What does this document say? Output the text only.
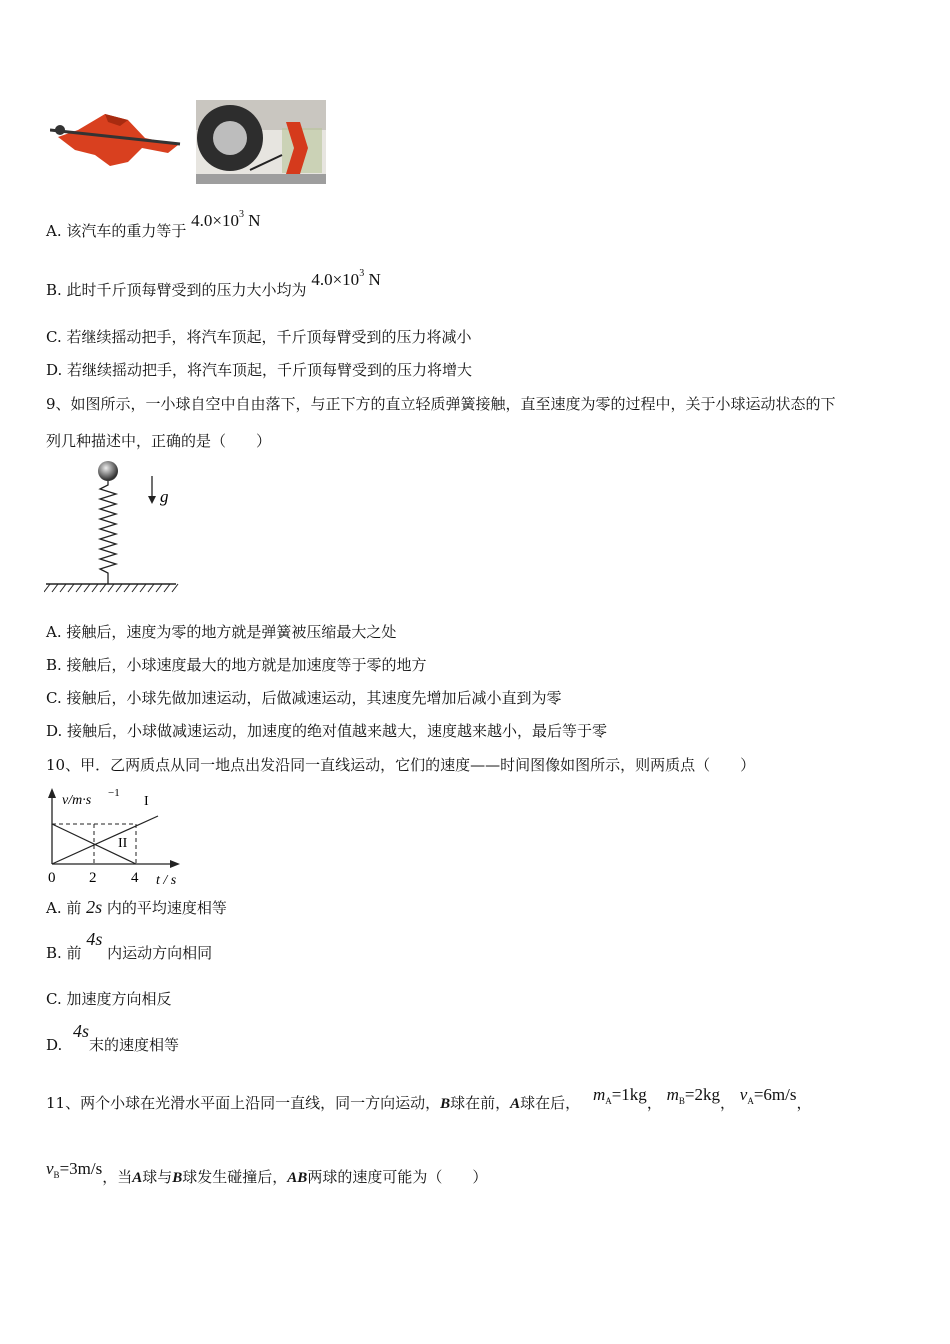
A. 该汽车的重力等于 $4.0\times 10^3$ N
B. 此时千斤顶每臂受到的压力大小均为 $4.0\times 10^3$ N
C. 若继续摇动把手，将汽车顶起，千斤顶每臂受到的压力将减小
D. 若继续摇动把手，将汽车顶起，千斤顶每臂受到的压力将增大
9、如图所示，一小球自空中自由落下，与正下方的直立轻质弹簧接触，直至速度为零的过程中，关于小球运动状态的下
列几种描述中，正确的是（　　）
g
A. 接触后，速度为零的地方就是弹簧被压缩最大之处
B. 接触后，小球速度最大的地方就是加速度等于零的地方
C. 接触后，小球先做加速运动，后做减速运动，其速度先增加后减小直到为零
D. 接触后，小球做减速运动，加速度的绝对值越来越大，速度越来越小，最后等于零
10、甲．乙两质点从同一地点出发沿同一直线运动，它们的速度——时间图像如图所示，则两质点（　　）
v/m·s −1
I
II
0 2 4 t / s
A. 前 2s 内的平均速度相等
B. 前 4s 内运动方向相同
C. 加速度方向相反
D. 4s末的速度相等
11、两个小球在光滑水平面上沿同一直线，同一方向运动，B球在前，A球在后， $m_A=1kg$， $m_B=2kg$， $v_A=6m/s$，
$v_B=3m/s$，当A球与B球发生碰撞后，AB两球的速度可能为（　　）
